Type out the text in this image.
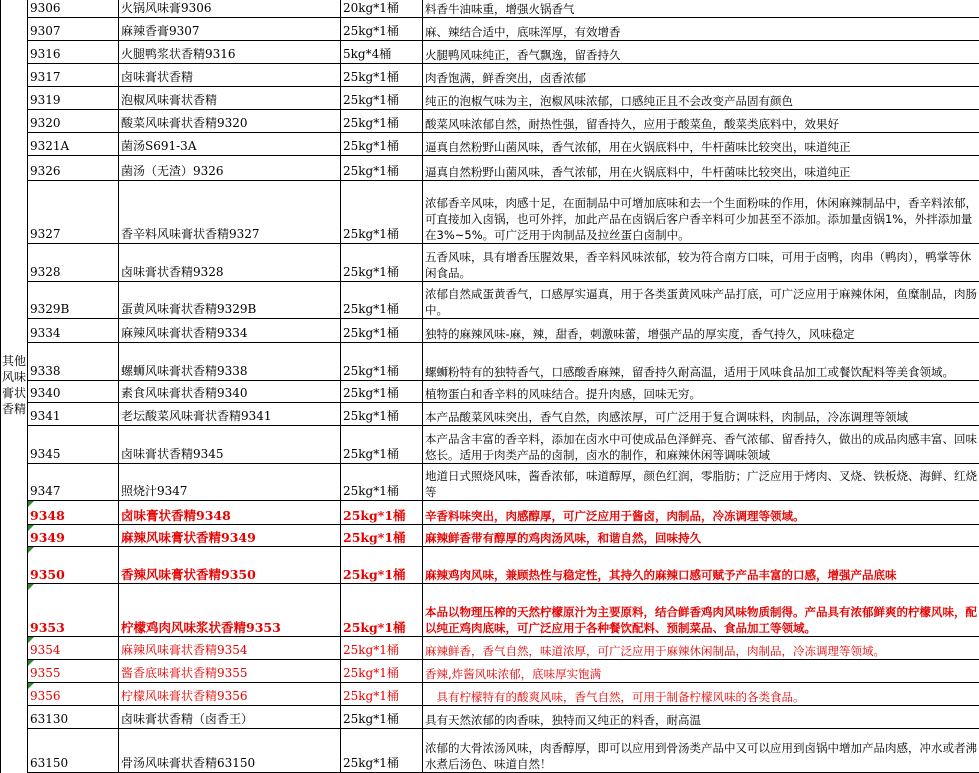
其他
风味
膏状
香精	9306	火锅风味膏9306	20kg*1桶	料香牛油味重，增强火锅香气
	9307	麻辣香膏9307	25kg*1桶	麻、辣结合适中，底味浑厚，有效增香
	9316	火腿鸭浆状香精9316	5kg*4桶	火腿鸭风味纯正，香气飘逸，留香持久
	9317	卤味膏状香精	25kg*1桶	肉香饱满，鲜香突出，卤香浓郁
	9319	泡椒风味膏状香精	25kg*1桶	纯正的泡椒气味为主，泡椒风味浓郁，口感纯正且不会改变产品固有颜色
	9320	酸菜风味膏状香精9320	25kg*1桶	酸菜风味浓郁自然，耐热性强，留香持久，应用于酸菜鱼，酸菜类底料中，效果好
	9321A	菌汤S691-3A	25kg*1桶	逼真自然粉野山菌风味，香气浓郁，用在火锅底料中，牛杆菌味比较突出，味道纯正
	9326	菌汤（无渣）9326	25kg*1桶	逼真自然粉野山菌风味，香气浓郁，用在火锅底料中，牛杆菌味比较突出，味道纯正
	9327	香辛料风味膏状香精9327	25kg*1桶	浓郁香辛风味，肉感十足，在面制品中可增加底味和去一个生面粉味的作用，休闲麻辣制品中，香辛料浓郁，可直接加入卤锅，也可外拌，加此产品在卤锅后客户香辛料可少加甚至不添加。添加量卤锅1%，外拌添加量在3%~5%。可广泛用于肉制品及拉丝蛋白卤制中。
	9328	卤味膏状香精9328	25kg*1桶	五香风味，具有增香压腥效果，香辛料风味浓郁，较为符合南方口味，可用于卤鸭，肉串（鸭肉），鸭掌等休闲食品。
	9329B	蛋黄风味膏状香精9329B	25kg*1桶	浓郁自然咸蛋黄香气，口感厚实逼真，用于各类蛋黄风味产品打底，可广泛应用于麻辣休闲，鱼糜制品，肉肠中。
	9334	麻辣风味膏状香精9334	25kg*1桶	独特的麻辣风味-麻，辣，甜香，刺激味蕾，增强产品的厚实度，香气持久，风味稳定
	9338	螺蛳风味膏状香精9338	25kg*1桶	螺蛳粉特有的独特香气，口感酸香麻辣，留香持久耐高温，适用于风味食品加工或餐饮配料等美食领域。
	9340	素食风味膏状香精9340	25kg*1桶	植物蛋白和香辛料的风味结合。提升肉感，回味无穷。
	9341	老坛酸菜风味膏状香精9341	25kg*1桶	本产品酸菜风味突出，香气自然，肉感浓厚，可广泛用于复合调味料，肉制品，冷冻调理等领域
	9345	卤味膏状香精9345	25kg*1桶	本产品含丰富的香辛料，添加在卤水中可使成品色泽鲜亮、香气浓郁、留香持久，做出的成品肉感丰富、回味悠长。适用于肉类产品的卤制，卤水的制作，和麻辣休闲等调味领域
	9347	照烧汁9347	25kg*1桶	地道日式照烧风味，酱香浓郁，味道醇厚，颜色红润，零脂肪；广泛应用于烤肉、叉烧、铁板烧、海鲜、红烧等

9348	卤味膏状香精9348	25kg*1桶	辛香料味突出，肉感醇厚，可广泛应用于酱卤，肉制品，冷冻调理等领域。

9349	麻辣风味膏状香精9349	25kg*1桶	麻辣鲜香带有醇厚的鸡肉汤风味，和谐自然，回味持久

9350	香辣风味膏状香精9350	25kg*1桶	麻辣鸡肉风味，兼顾热性与稳定性，其持久的麻辣口感可赋予产品丰富的口感，增强产品底味

9353	柠檬鸡肉风味浆状香精9353	25kg*1桶	本品以物理压榨的天然柠檬原汁为主要原料，结合鲜香鸡肉风味物质制得。产品具有浓郁鲜爽的柠檬风味，配以纯正鸡肉底味，可广泛应用于各种餐饮配料、预制菜品、食品加工等领域。

9354	麻辣风味膏状香精9354	25kg*1桶	麻辣鲜香，香气自然，味道浓厚，可广泛应用于麻辣休闲制品，肉制品，冷冻调理等领域。

9355	酱香底味膏状香精9355	25kg*1桶	香辣,炸酱风味浓郁，底味厚实饱满

9356	柠檬风味膏状香精9356	25kg*1桶	　具有柠檬特有的酸爽风味，香气自然，可用于制备柠檬风味的各类食品。
	63130	卤味膏状香精（卤香王）	25kg*1桶	具有天然浓郁的肉香味，独特而又纯正的料香，耐高温
	63150	骨汤风味膏状香精63150	25kg*1桶	浓郁的大骨浓汤风味，肉香醇厚，即可以应用到骨汤类产品中又可以应用到卤锅中增加产品肉感，冲水或者沸水煮后汤色、味道自然！
